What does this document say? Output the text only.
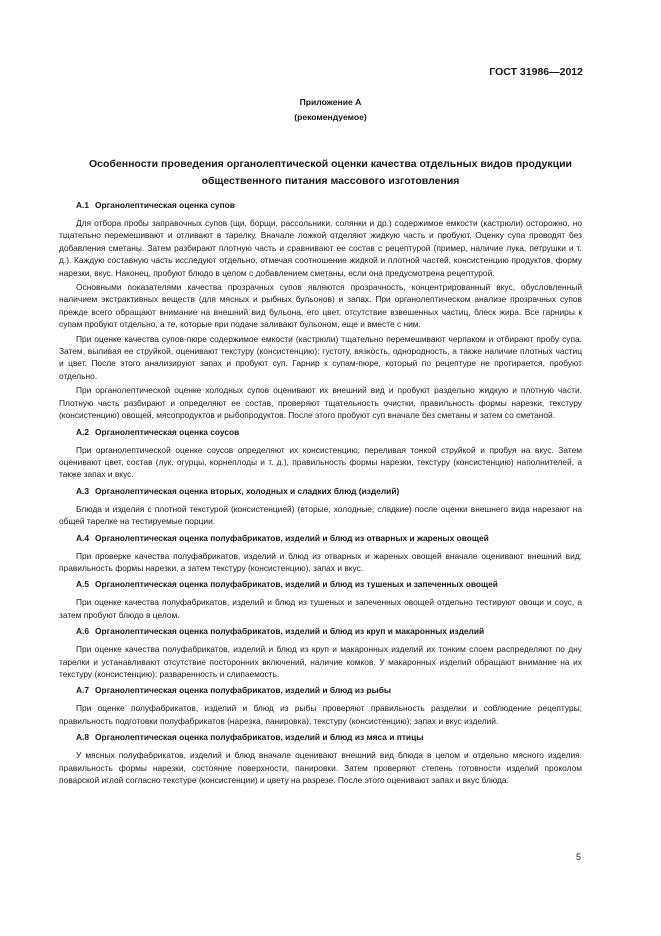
ГОСТ 31986—2012
Приложение А
(рекомендуемое)
Особенности проведения органолептической оценки качества отдельных видов продукции
общественного питания массового изготовления
А.1 Органолептическая оценка супов

Для отбора пробы заправочных супов (щи, борщи, рассольники, солянки и др.) содержимое емкости (кастрюли) осторожно, но тщательно перемешивают и отливают в тарелку. Вначале ложкой отделяют жидкую часть и пробуют. Оценку супа проводят без добавления сметаны. Затем разбирают плотную часть и сравнивают ее состав с рецептурой (пример, наличие лука, петрушки и т. д.). Каждую составную часть исследуют отдельно, отмечая соотношение жидкой и плотной частей, консистенцию продуктов, форму нарезки, вкус. Наконец, пробуют блюдо в целом с добавлением сметаны, если она предусмотрена рецептурой.

Основными показателями качества прозрачных супов являются прозрачность, концентрированный вкус, обусловленный наличием экстрактивных веществ (для мясных и рыбных бульонов) и запах. При органолептическом анализе прозрачных супов прежде всего обращают внимание на внешний вид бульона, его цвет, отсутствие взвешенных частиц, блеск жира. Все гарниры к супам пробуют отдельно, а те, которые при подаче заливают бульоном, еще и вместе с ним.

При оценке качества супов-пюре содержимое емкости (кастрюли) тщательно перемешивают черпаком и отбирают пробу супа. Затем, выливая ее струйкой, оценивают текстуру (консистенцию): густоту, вязкость, однородность, а также наличие плотных частиц и цвет. После этого анализируют запах и пробуют суп. Гарнир к супам-пюре, который по рецептуре не протирается, пробуют отдельно.

При органолептической оценке холодных супов оценивают их внешний вид и пробуют раздельно жидкую и плотную части. Плотную часть разбирают и определяют ее состав, проверяют тщательность очистки, правильность формы нарезки, текстуру (консистенцию) овощей, мясопродуктов и рыбопродуктов. После этого пробуют суп вначале без сметаны и затем со сметаной.

А.2 Органолептическая оценка соусов

При органолептической оценке соусов определяют их консистенцию, переливая тонкой струйкой и пробуя на вкус. Затем оценивают цвет, состав (лук, огурцы, корнеплоды и т. д.), правильность формы нарезки, текстуру (консистенцию) наполнителей, а также запах и вкус.

А.3 Органолептическая оценка вторых, холодных и сладких блюд (изделий)

Блюда и изделия с плотной текстурой (консистенцией) (вторые, холодные, сладкие) после оценки внешнего вида нарезают на общей тарелке на тестируемые порции.

А.4 Органолептическая оценка полуфабрикатов, изделий и блюд из отварных и жареных овощей

При проверке качества полуфабрикатов, изделий и блюд из отварных и жареных овощей вначале оценивают внешний вид: правильность формы нарезки, а затем текстуру (консистенцию), запах и вкус.

А.5 Органолептическая оценка полуфабрикатов, изделий и блюд из тушеных и запеченных овощей

При оценке качества полуфабрикатов, изделий и блюд из тушеных и запеченных овощей отдельно тестируют овощи и соус, а затем пробуют блюдо в целом.

А.6 Органолептическая оценка полуфабрикатов, изделий и блюд из круп и макаронных изделий

При оценке качества полуфабрикатов, изделий и блюд из круп и макаронных изделий их тонким слоем распределяют по дну тарелки и устанавливают отсутствие посторонних включений, наличие комков. У макаронных изделий обращают внимание на их текстуру (консистенцию): разваренность и слипаемость.

А.7 Органолептическая оценка полуфабрикатов, изделий и блюд из рыбы

При оценке полуфабрикатов, изделий и блюд из рыбы проверяют правильность разделки и соблюдение рецептуры; правильность подготовки полуфабрикатов (нарезка, панировка); текстуру (консистенцию); запах и вкус изделий.

А.8 Органолептическая оценка полуфабрикатов, изделий и блюд из мяса и птицы

У мясных полуфабрикатов, изделий и блюд вначале оценивают внешний вид блюда в целом и отдельно мясного изделия: правильность формы нарезки, состояние поверхности, панировки. Затем проверяют степень готовности изделий проколом поварской иглой согласно текстуре (консистенции) и цвету на разрезе. После этого оценивают запах и вкус блюда.

5
